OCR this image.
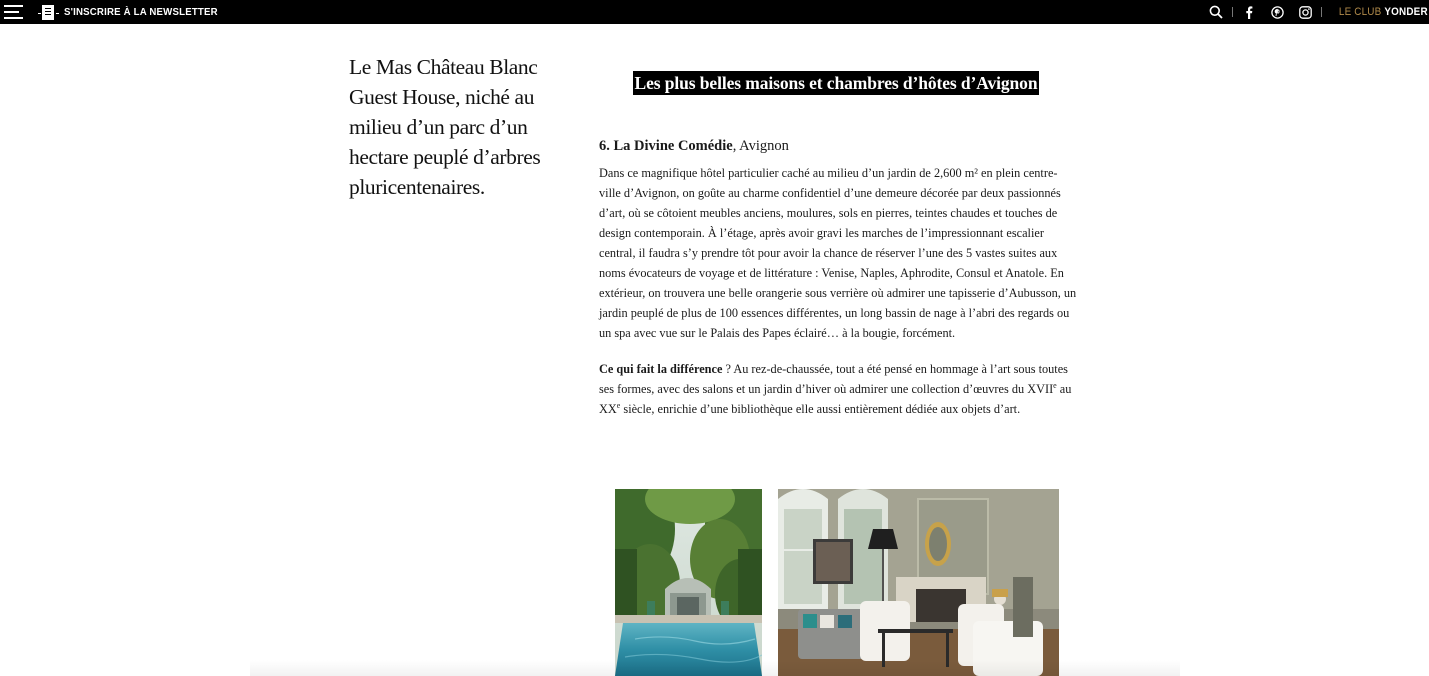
S'INSCRIRE À LA NEWSLETTER	LE CLUB YONDER

Le Mas Château Blanc Guest House, niché au milieu d’un parc d’un hectare peuplé d’arbres pluricentenaires.

Les plus belles maisons et chambres d’hôtes d’Avignon
6. La Divine Comédie, Avignon

Dans ce magnifique hôtel particulier caché au milieu d’un jardin de 2,600 m² en plein centre-ville d’Avignon, on goûte au charme confidentiel d’une demeure décorée par deux passionnés d’art, où se côtoient meubles anciens, moulures, sols en pierres, teintes chaudes et touches de design contemporain. À l’étage, après avoir gravi les marches de l’impressionnant escalier central, il faudra s’y prendre tôt pour avoir la chance de réserver l’une des 5 vastes suites aux noms évocateurs de voyage et de littérature : Venise, Naples, Aphrodite, Consul et Anatole. En extérieur, on trouvera une belle orangerie sous verrière où admirer une tapisserie d’Aubusson, un jardin peuplé de plus de 100 essences différentes, un long bassin de nage à l’abri des regards ou un spa avec vue sur le Palais des Papes éclairé… à la bougie, forcément.

Ce qui fait la différence ? Au rez-de-chaussée, tout a été pensé en hommage à l’art sous toutes ses formes, avec des salons et un jardin d’hiver où admirer une collection d’œuvres du XVIIe au XXe siècle, enrichie d’une bibliothèque elle aussi entièrement dédiée aux objets d’art.
